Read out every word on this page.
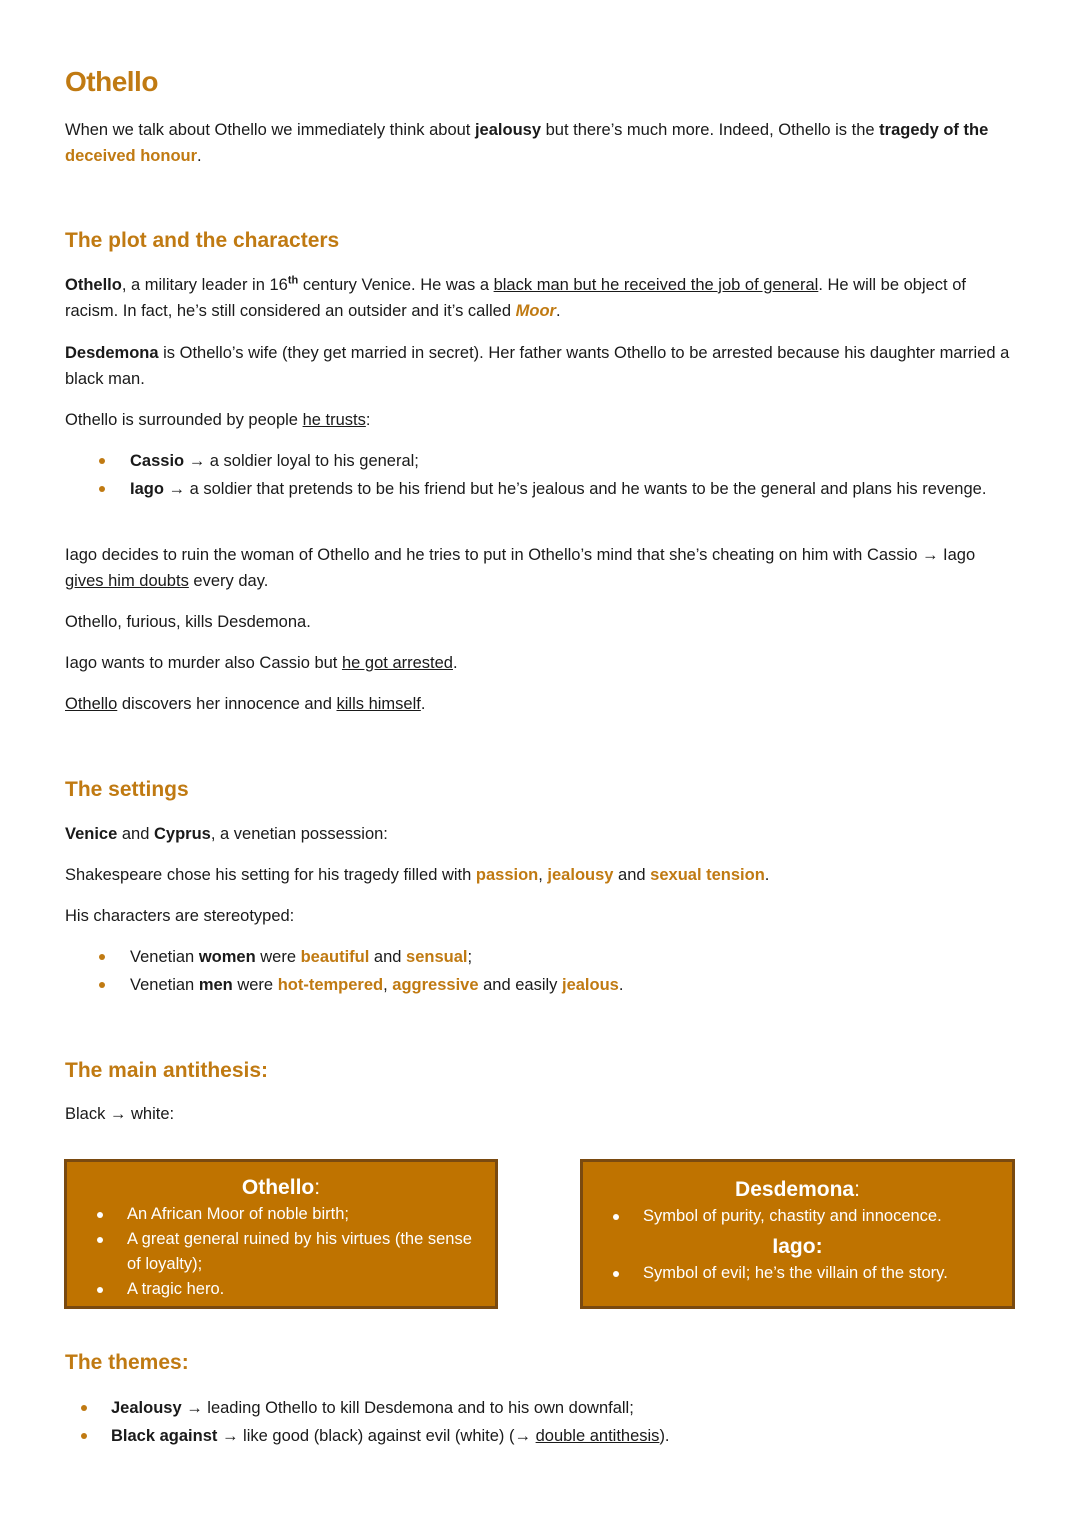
Othello

When we talk about Othello we immediately think about jealousy but there’s much more. Indeed, Othello is the tragedy of the deceived honour.

The plot and the characters

Othello, a military leader in 16th century Venice. He was a black man but he received the job of general. He will be object of racism. In fact, he’s still considered an outsider and it’s called Moor.

Desdemona is Othello’s wife (they get married in secret). Her father wants Othello to be arrested because his daughter married a black man.

Othello is surrounded by people he trusts:

Cassio → a soldier loyal to his general;
Iago → a soldier that pretends to be his friend but he’s jealous and he wants to be the general and plans his revenge.

Iago decides to ruin the woman of Othello and he tries to put in Othello’s mind that she’s cheating on him with Cassio → Iago gives him doubts every day.

Othello, furious, kills Desdemona.

Iago wants to murder also Cassio but he got arrested.

Othello discovers her innocence and kills himself.

The settings

Venice and Cyprus, a venetian possession:

Shakespeare chose his setting for his tragedy filled with passion, jealousy and sexual tension.

His characters are stereotyped:

Venetian women were beautiful and sensual;
Venetian men were hot-tempered, aggressive and easily jealous.
The main antithesis:

Black → white:

Othello:
An African Moor of noble birth;
A great general ruined by his virtues (the sense of loyalty);
A tragic hero.
Desdemona:
Symbol of purity, chastity and innocence.
Iago:
Symbol of evil; he’s the villain of the story.
The themes:
Jealousy → leading Othello to kill Desdemona and to his own downfall;
Black against → like good (black) against evil (white) (→ double antithesis).
